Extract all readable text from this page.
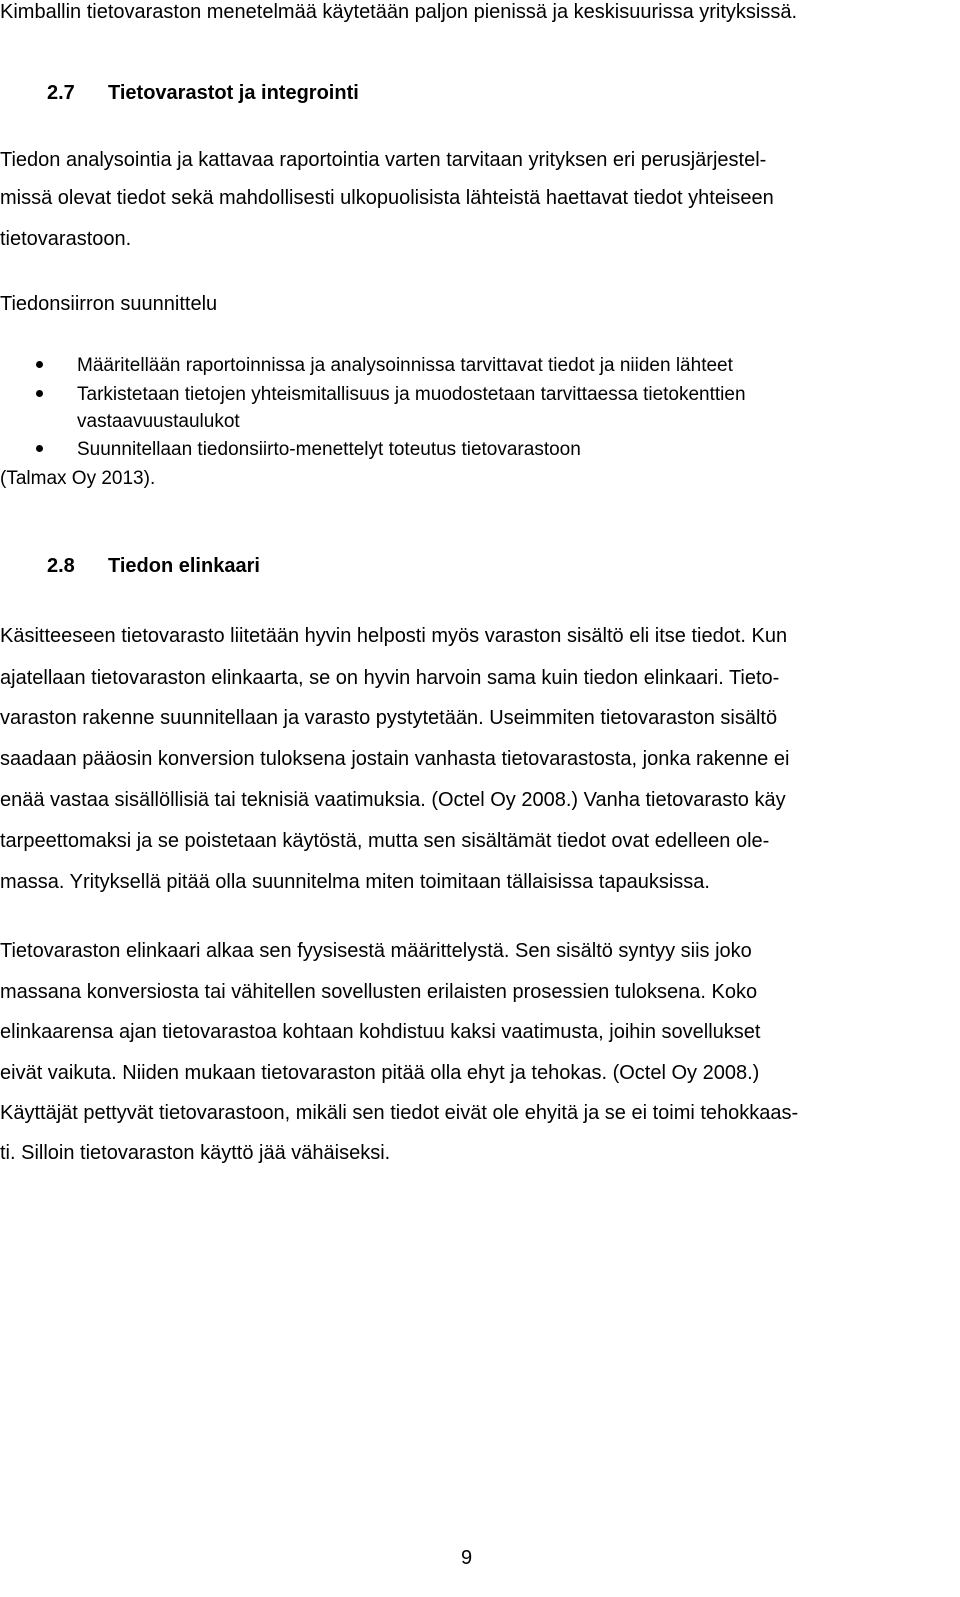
Kimballin tietovaraston menetelmää käytetään paljon pienissä ja keskisuurissa yrityksissä.
2.7 Tietovarastot ja integrointi
Tiedon analysointia ja kattavaa raportointia varten tarvitaan yrityksen eri perusjärjestel-
missä olevat tiedot sekä mahdollisesti ulkopuolisista lähteistä haettavat tiedot yhteiseen
tietovarastoon.
Tiedonsiirron suunnittelu
Määritellään raportoinnissa ja analysoinnissa tarvittavat tiedot ja niiden lähteet
Tarkistetaan tietojen yhteismitallisuus ja muodostetaan tarvittaessa tietokenttien
vastaavuustaulukot
Suunnitellaan tiedonsiirto-menettelyt toteutus tietovarastoon
(Talmax Oy 2013).
2.8 Tiedon elinkaari
Käsitteeseen tietovarasto liitetään hyvin helposti myös varaston sisältö eli itse tiedot. Kun
ajatellaan tietovaraston elinkaarta, se on hyvin harvoin sama kuin tiedon elinkaari. Tieto-
varaston rakenne suunnitellaan ja varasto pystytetään. Useimmiten tietovaraston sisältö
saadaan pääosin konversion tuloksena jostain vanhasta tietovarastosta, jonka rakenne ei
enää vastaa sisällöllisiä tai teknisiä vaatimuksia. (Octel Oy 2008.) Vanha tietovarasto käy
tarpeettomaksi ja se poistetaan käytöstä, mutta sen sisältämät tiedot ovat edelleen ole-
massa. Yrityksellä pitää olla suunnitelma miten toimitaan tällaisissa tapauksissa.
Tietovaraston elinkaari alkaa sen fyysisestä määrittelystä. Sen sisältö syntyy siis joko
massana konversiosta tai vähitellen sovellusten erilaisten prosessien tuloksena. Koko
elinkaarensa ajan tietovarastoa kohtaan kohdistuu kaksi vaatimusta, joihin sovellukset
eivät vaikuta. Niiden mukaan tietovaraston pitää olla ehyt ja tehokas. (Octel Oy 2008.)
Käyttäjät pettyvät tietovarastoon, mikäli sen tiedot eivät ole ehyitä ja se ei toimi tehokkaas-
ti. Silloin tietovaraston käyttö jää vähäiseksi.
9
